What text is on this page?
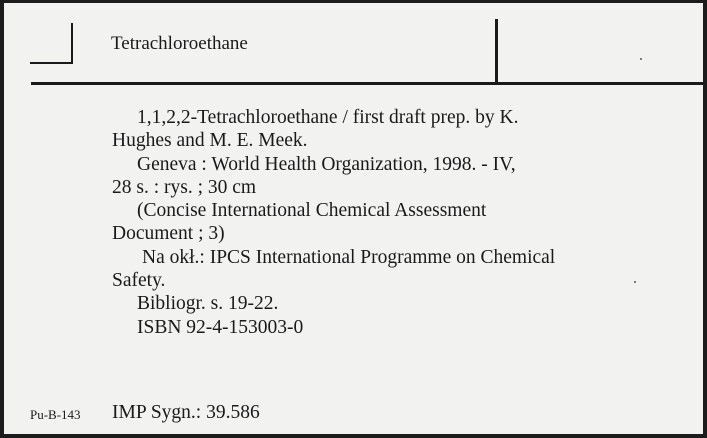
Tetrachloroethane
1,1,2,2-Tetrachloroethane / first draft prep. by K.
Hughes and M. E. Meek.
Geneva : World Health Organization, 1998. - IV,
28 s. : rys. ; 30 cm
(Concise International Chemical Assessment
Document ; 3)
Na okł.: IPCS International Programme on Chemical
Safety.
Bibliogr. s. 19-22.
ISBN 92-4-153003-0
Pu-B-143 IMP Sygn.: 39.586
